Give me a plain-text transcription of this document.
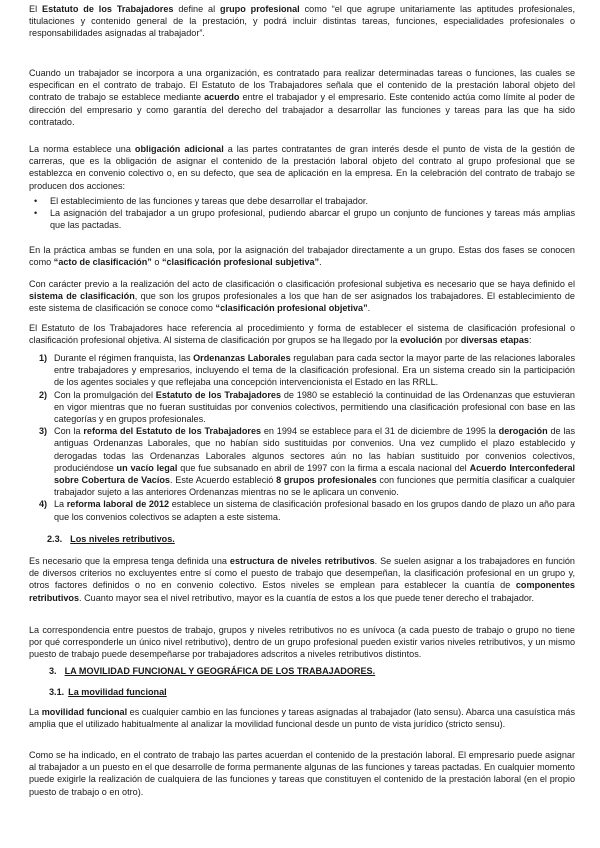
El Estatuto de los Trabajadores define al grupo profesional como “el que agrupe unitariamente las aptitudes profesionales, titulaciones y contenido general de la prestación, y podrá incluir distintas tareas, funciones, especialidades profesionales o responsabilidades asignadas al trabajador”.

Cuando un trabajador se incorpora a una organización, es contratado para realizar determinadas tareas o funciones, las cuales se especifican en el contrato de trabajo. El Estatuto de los Trabajadores señala que el contenido de la prestación laboral objeto del contrato de trabajo se establece mediante acuerdo entre el trabajador y el empresario. Este contenido actúa como límite al poder de dirección del empresario y como garantía del derecho del trabajador a desarrollar las funciones y tareas para las que ha sido contratado.

La norma establece una obligación adicional a las partes contratantes de gran interés desde el punto de vista de la gestión de carreras, que es la obligación de asignar el contenido de la prestación laboral objeto del contrato al grupo profesional que se establezca en convenio colectivo o, en su defecto, que sea de aplicación en la empresa. En la celebración del contrato de trabajo se producen dos acciones:

• El establecimiento de las funciones y tareas que debe desarrollar el trabajador.
• La asignación del trabajador a un grupo profesional, pudiendo abarcar el grupo un conjunto de funciones y tareas más amplias que las pactadas.

En la práctica ambas se funden en una sola, por la asignación del trabajador directamente a un grupo. Estas dos fases se conocen como “acto de clasificación” o “clasificación profesional subjetiva”.

Con carácter previo a la realización del acto de clasificación o clasificación profesional subjetiva es necesario que se haya definido el sistema de clasificación, que son los grupos profesionales a los que han de ser asignados los trabajadores. El establecimiento de este sistema de clasificación se conoce como “clasificación profesional objetiva”.

El Estatuto de los Trabajadores hace referencia al procedimiento y forma de establecer el sistema de clasificación profesional o clasificación profesional objetiva. Al sistema de clasificación por grupos se ha llegado por la evolución por diversas etapas:

1) Durante el régimen franquista, las Ordenanzas Laborales regulaban para cada sector la mayor parte de las relaciones laborales entre trabajadores y empresarios, incluyendo el tema de la clasificación profesional. Era un sistema creado sin la participación de los agentes sociales y que reflejaba una concepción intervencionista el Estado en las RRLL.
2) Con la promulgación del Estatuto de los Trabajadores de 1980 se estableció la continuidad de las Ordenanzas que estuvieran en vigor mientras que no fueran sustituidas por convenios colectivos, permitiendo una clasificación profesional con base en las categorías y en grupos profesionales.
3) Con la reforma del Estatuto de los Trabajadores en 1994 se establece para el 31 de diciembre de 1995 la derogación de las antiguas Ordenanzas Laborales, que no habían sido sustituidas por convenios. Una vez cumplido el plazo establecido y derogadas todas las Ordenanzas Laborales algunos sectores aún no las habían sustituido por convenios colectivos, produciéndose un vacío legal que fue subsanado en abril de 1997 con la firma a escala nacional del Acuerdo Interconfederal sobre Cobertura de Vacíos. Este Acuerdo estableció 8 grupos profesionales con funciones que permitía clasificar a cualquier trabajador sujeto a las anteriores Ordenanzas mientras no se le aplicara un convenio.
4) La reforma laboral de 2012 establece un sistema de clasificación profesional basado en los grupos dando de plazo un año para que los convenios colectivos se adapten a este sistema.
2.3. Los niveles retributivos.

Es necesario que la empresa tenga definida una estructura de niveles retributivos. Se suelen asignar a los trabajadores en función de diversos criterios no excluyentes entre sí como el puesto de trabajo que desempeñan, la clasificación profesional en un grupo y, otros factores definidos o no en convenio colectivo. Estos niveles se emplean para establecer la cuantía de componentes retributivos. Cuanto mayor sea el nivel retributivo, mayor es la cuantía de estos a los que puede tener derecho el trabajador.

La correspondencia entre puestos de trabajo, grupos y niveles retributivos no es unívoca (a cada puesto de trabajo o grupo no tiene por qué corresponderle un único nivel retributivo), dentro de un grupo profesional pueden existir varios niveles retributivos, y un mismo puesto de trabajo puede desempeñarse por trabajadores adscritos a niveles retributivos distintos.

3. LA MOVILIDAD FUNCIONAL Y GEOGRÁFICA DE LOS TRABAJADORES.
3.1. La movilidad funcional

La movilidad funcional es cualquier cambio en las funciones y tareas asignadas al trabajador (lato sensu). Abarca una casuística más amplia que el utilizado habitualmente al analizar la movilidad funcional desde un punto de vista jurídico (stricto sensu).

Como se ha indicado, en el contrato de trabajo las partes acuerdan el contenido de la prestación laboral. El empresario puede asignar al trabajador a un puesto en el que desarrolle de forma permanente algunas de las funciones y tareas pactadas. En cualquier momento puede exigirle la realización de cualquiera de las funciones y tareas que constituyen el contenido de la prestación laboral (en el propio puesto de trabajo o en otro).
